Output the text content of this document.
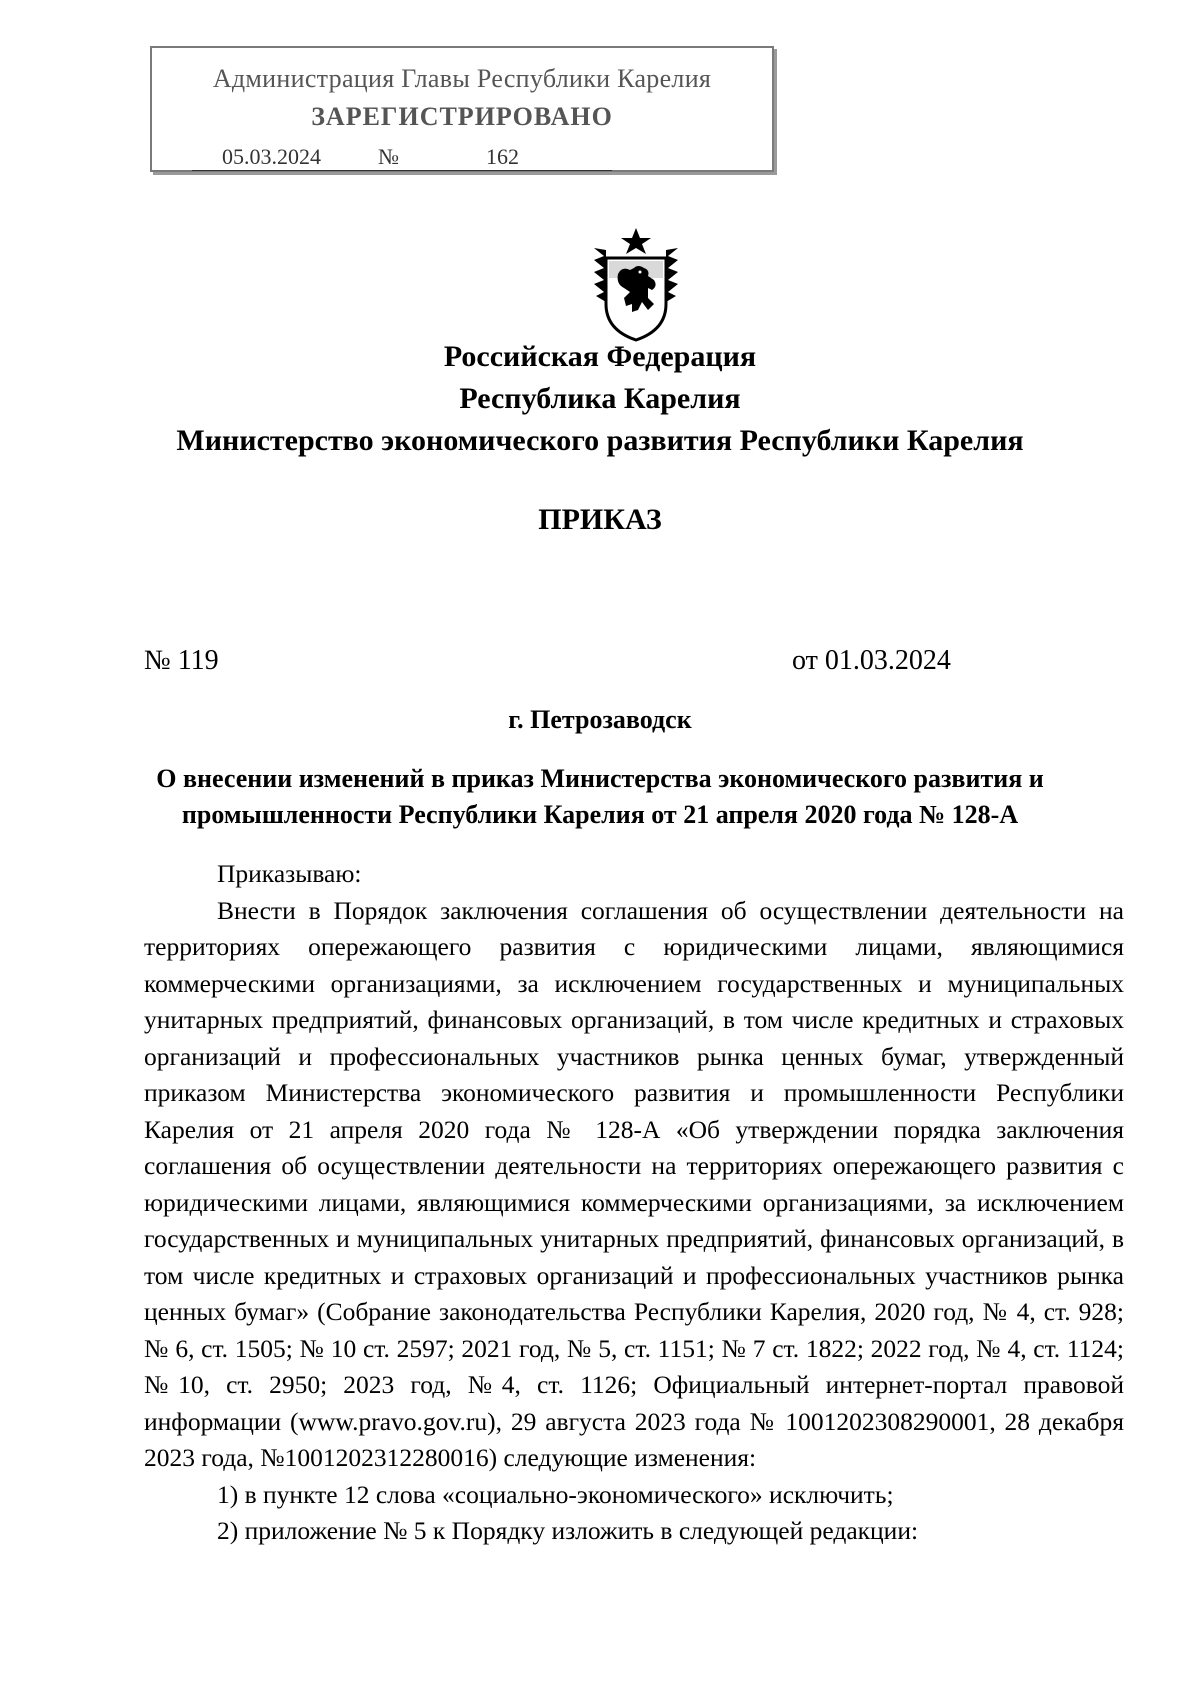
Администрация Главы Республики Карелия
ЗАРЕГИСТРИРОВАНО
05.03.2024	№	162
Российская Федерация
Республика Карелия
Министерство экономического развития Республики Карелия
ПРИКАЗ
№ 119	от 01.03.2024
г. Петрозаводск
О внесении изменений в приказ Министерства экономического развития и
промышленности Республики Карелия от 21 апреля 2020 года № 128-А

Приказываю:

Внести в Порядок заключения соглашения об осуществлении деятельности на территориях опережающего развития с юридическими лицами, являющимися коммерческими организациями, за исключением государственных и муниципальных унитарных предприятий, финансовых организаций, в том числе кредитных и страховых организаций и профессиональных участников рынка ценных бумаг, утвержденный приказом Министерства экономического развития и промышленности Республики Карелия от 21 апреля 2020 года № 128-А «Об утверждении порядка заключения соглашения об осуществлении деятельности на территориях опережающего развития с юридическими лицами, являющимися коммерческими организациями, за исключением государственных и муниципальных унитарных предприятий, финансовых организаций, в том числе кредитных и страховых организаций и профессиональных участников рынка ценных бумаг» (Собрание законодательства Республики Карелия, 2020 год, № 4, ст. 928; № 6, ст. 1505; № 10 ст. 2597; 2021 год, № 5, ст. 1151; № 7 ст. 1822; 2022 год, № 4, ст. 1124; №10, ст. 2950; 2023 год, №4, ст. 1126; Официальный интернет-портал правовой информации (www.pravo.gov.ru), 29 августа 2023 года № 1001202308290001, 28 декабря 2023 года, №1001202312280016) следующие изменения:

1) в пункте 12 слова «социально-экономического» исключить;

2) приложение № 5 к Порядку изложить в следующей редакции:
